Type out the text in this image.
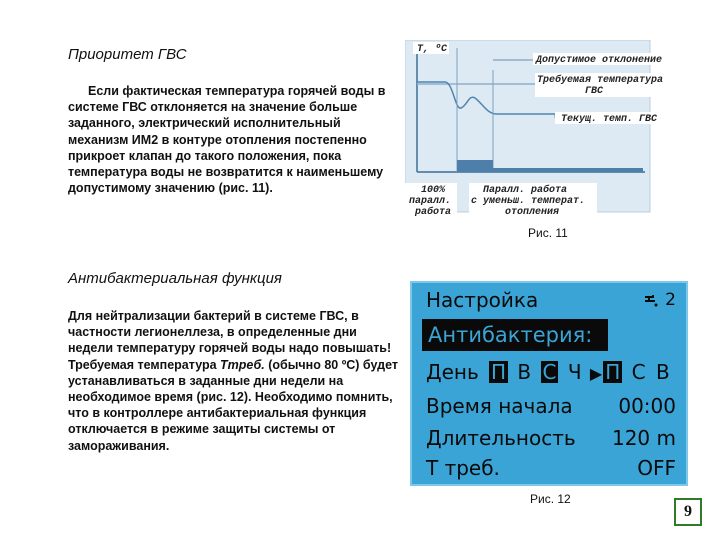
Приоритет ГВС

Если фактическая температура горячей воды в системе ГВС отклоняется на значение больше заданного, электрический исполнительный механизм ИМ2 в контуре отопления постепенно прикроет клапан до такого положения, пока температура воды не возвратится к наименьшему допустимому значению (рис. 11).

T, ºC
Допустимое отклонение
Требуемая температура
ГВС
Текущ. темп. ГВС
100%
паралл.
работа
Паралл. работа
с уменьш. температ.
отопления
Рис. 11
Антибактериальная функция

Для нейтрализации бактерий в системе ГВС, в частности легионеллеза, в определенные дни недели температуру горячей воды надо повышать! Требуемая температура Tтреб. (обычно 80 ºC) будет устанавливаться в заданные дни недели на необходимое время (рис. 12). Необходимо помнить, что в контроллере антибактериальная функция отключается в режиме защиты системы от замораживания.

Настройка	2
Антибактерия:
День П В С Ч ▶ П С В
Время начала 00:00
Длительность 120 m
Т треб.	OFF
Рис. 12
9
